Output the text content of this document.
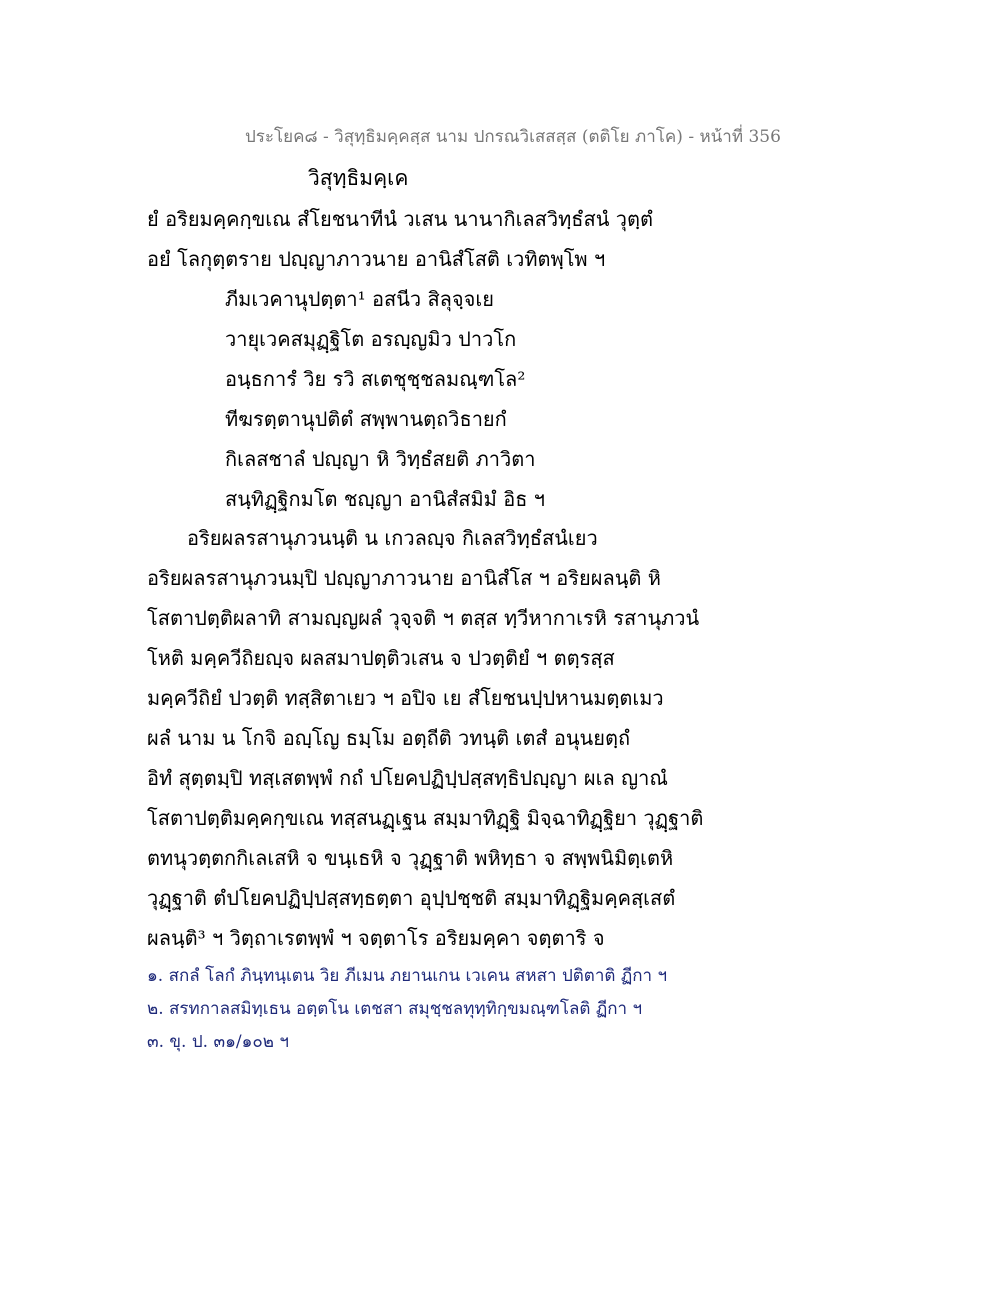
ประโยค๘ - วิสุทฺธิมคฺคสฺส นาม ปกรณวิเสสสฺส (ตติโย ภาโค) - หน้าที่ 356
วิสุทฺธิมคฺเค
ยํ อริยมคฺคกฺขเณ สํโยชนาทีนํ วเสน นานากิเลสวิทฺธํสนํ วุตฺตํ
อยํ โลกุตฺตราย ปญฺญาภาวนาย อานิสํโสติ เวทิตพฺโพ ฯ
ภีมเวคานุปตฺตา¹ อสนีว สิลุจฺจเย
วายุเวคสมุฏฺฐิโต อรญฺญมิว ปาวโก
อนฺธการํ วิย รวิ สเตชุชฺชลมณฺฑโล²
ทีฆรตฺตานุปติตํ สพฺพานตฺถวิธายกํ
กิเลสชาลํ ปญฺญา หิ วิทฺธํสยติ ภาวิตา
สนฺทิฏฺฐิกมโต ชญฺญา อานิสํสมิมํ อิธ ฯ
อริยผลรสานุภวนนฺติ น เกวลญฺจ กิเลสวิทฺธํสนํเยว
อริยผลรสานุภวนมฺปิ ปญฺญาภาวนาย อานิสํโส ฯ อริยผลนฺติ หิ
โสตาปตฺติผลาทิ สามญฺญผลํ วุจฺจติ ฯ ตสฺส ทฺวีหากาเรหิ รสานุภวนํ
โหติ มคฺควีถิยญฺจ ผลสมาปตฺติวเสน จ ปวตฺติยํ ฯ ตตฺรสฺส
มคฺควีถิยํ ปวตฺติ ทสฺสิตาเยว ฯ อปิจ เย สํโยชนปฺปหานมตฺตเมว
ผลํ นาม น โกจิ อญฺโญ ธมฺโม อตฺถีติ วทนฺติ เตสํ อนุนยตฺถํ
อิทํ สุตฺตมฺปิ ทสฺเสตพฺพํ กถํ ปโยคปฏิปฺปสฺสทฺธิปญฺญา ผเล ญาณํ
โสตาปตฺติมคฺคกฺขเณ ทสฺสนฏฺเฐน สมฺมาทิฏฺฐิ มิจฺฉาทิฏฺฐิยา วุฏฺฐาติ
ตทนุวตฺตกกิเลเสหิ จ ขนฺเธหิ จ วุฏฺฐาติ พหิทฺธา จ สพฺพนิมิตฺเตหิ
วุฏฺฐาติ ตํปโยคปฏิปฺปสฺสทฺธตฺตา อุปฺปชฺชติ สมฺมาทิฏฺฐิมคฺคสฺเสตํ
ผลนฺติ³ ฯ วิตฺถาเรตพฺพํ ฯ จตฺตาโร อริยมคฺคา จตฺตาริ จ
๑. สกลํ โลกํ ภินฺทนฺเตน วิย ภีเมน ภยานเกน เวเคน สหสา ปติตาติ ฏีกา ฯ
๒. สรทกาลสมิทฺเธน อตฺตโน เตชสา สมุชฺชลทุทฺทิกฺขมณฺฑโลติ ฏีกา ฯ
๓. ขุ. ป. ๓๑/๑๐๒ ฯ
